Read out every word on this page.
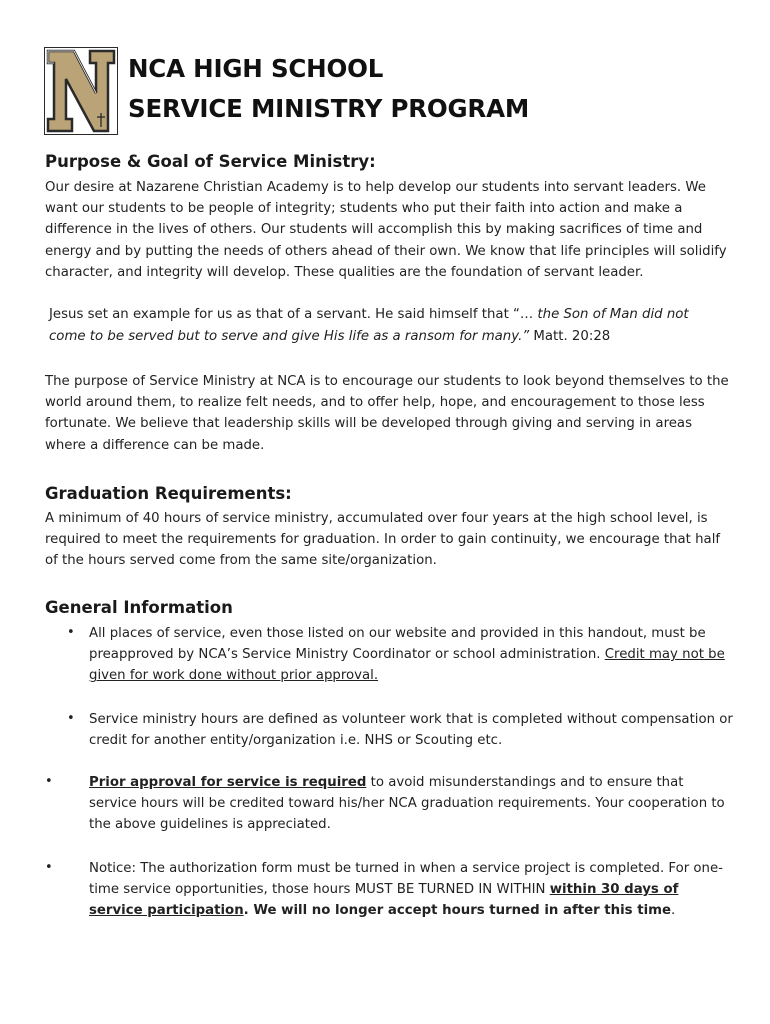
NCA HIGH SCHOOL
SERVICE MINISTRY PROGRAM
Purpose & Goal of Service Ministry:

Our desire at Nazarene Christian Academy is to help develop our students into servant leaders. We want our students to be people of integrity; students who put their faith into action and make a difference in the lives of others. Our students will accomplish this by making sacrifices of time and energy and by putting the needs of others ahead of their own. We know that life principles will solidify character, and integrity will develop. These qualities are the foundation of servant leader.

Jesus set an example for us as that of a servant. He said himself that “… the Son of Man did not come to be served but to serve and give His life as a ransom for many.” Matt. 20:28

The purpose of Service Ministry at NCA is to encourage our students to look beyond themselves to the world around them, to realize felt needs, and to offer help, hope, and encouragement to those less fortunate. We believe that leadership skills will be developed through giving and serving in areas where a difference can be made.

Graduation Requirements:

A minimum of 40 hours of service ministry, accumulated over four years at the high school level, is required to meet the requirements for graduation. In order to gain continuity, we encourage that half of the hours served come from the same site/organization.

General Information
• All places of service, even those listed on our website and provided in this handout, must be preapproved by NCA’s Service Ministry Coordinator or school administration. Credit may not be given for work done without prior approval.

• Service ministry hours are defined as volunteer work that is completed without compensation or credit for another entity/organization i.e. NHS or Scouting etc.

•	Prior approval for service is required to avoid misunderstandings and to ensure that service hours will be credited toward his/her NCA graduation requirements. Your cooperation to the above guidelines is appreciated.

•	Notice: The authorization form must be turned in when a service project is completed. For one-time service opportunities, those hours MUST BE TURNED IN WITHIN within 30 days of service participation. We will no longer accept hours turned in after this time.
